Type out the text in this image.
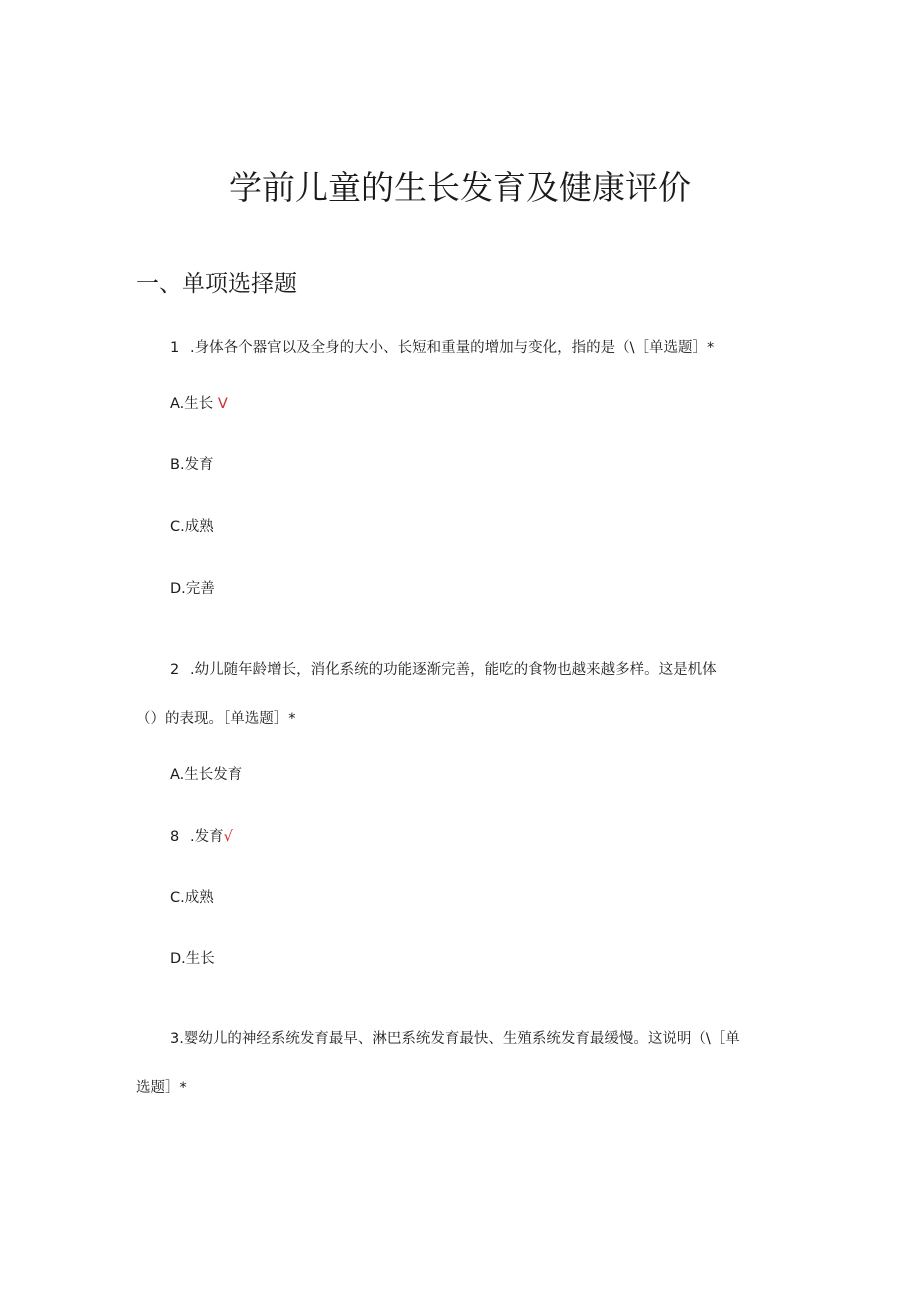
学前儿童的生长发育及健康评价
一、单项选择题
1 .身体各个器官以及全身的大小、长短和重量的增加与变化，指的是（\［单选题］*
A.生长 V
B.发育
C.成熟
D.完善
2 .幼儿随年龄增长，消化系统的功能逐渐完善，能吃的食物也越来越多样。这是机体
（）的表现。［单选题］*
A.生长发育
8 .发育√
C.成熟
D.生长
3.婴幼儿的神经系统发育最早、淋巴系统发育最快、生殖系统发育最缓慢。这说明（\［单
选题］*
